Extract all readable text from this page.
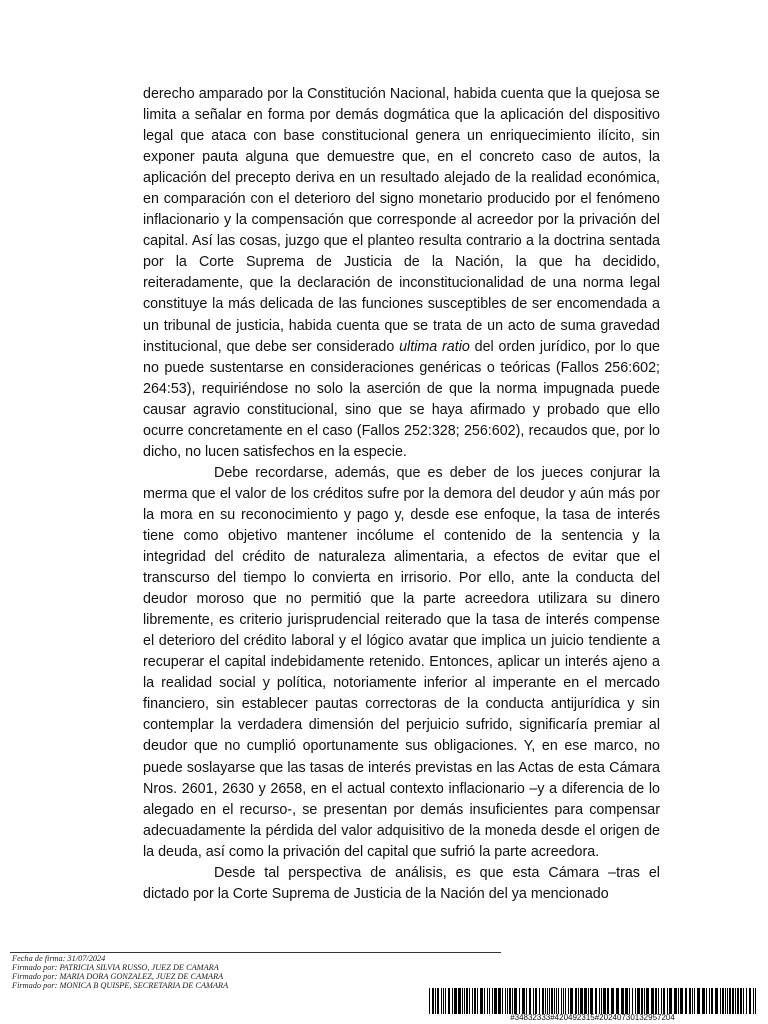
derecho amparado por la Constitución Nacional, habida cuenta que la quejosa se limita a señalar en forma por demás dogmática que la aplicación del dispositivo legal que ataca con base constitucional genera un enriquecimiento ilícito, sin exponer pauta alguna que demuestre que, en el concreto caso de autos, la aplicación del precepto deriva en un resultado alejado de la realidad económica, en comparación con el deterioro del signo monetario producido por el fenómeno inflacionario y la compensación que corresponde al acreedor por la privación del capital. Así las cosas, juzgo que el planteo resulta contrario a la doctrina sentada por la Corte Suprema de Justicia de la Nación, la que ha decidido, reiteradamente, que la declaración de inconstitucionalidad de una norma legal constituye la más delicada de las funciones susceptibles de ser encomendada a un tribunal de justicia, habida cuenta que se trata de un acto de suma gravedad institucional, que debe ser considerado ultima ratio del orden jurídico, por lo que no puede sustentarse en consideraciones genéricas o teóricas (Fallos 256:602; 264:53), requiriéndose no solo la aserción de que la norma impugnada puede causar agravio constitucional, sino que se haya afirmado y probado que ello ocurre concretamente en el caso (Fallos 252:328; 256:602), recaudos que, por lo dicho, no lucen satisfechos en la especie.

Debe recordarse, además, que es deber de los jueces conjurar la merma que el valor de los créditos sufre por la demora del deudor y aún más por la mora en su reconocimiento y pago y, desde ese enfoque, la tasa de interés tiene como objetivo mantener incólume el contenido de la sentencia y la integridad del crédito de naturaleza alimentaria, a efectos de evitar que el transcurso del tiempo lo convierta en irrisorio. Por ello, ante la conducta del deudor moroso que no permitió que la parte acreedora utilizara su dinero libremente, es criterio jurisprudencial reiterado que la tasa de interés compense el deterioro del crédito laboral y el lógico avatar que implica un juicio tendiente a recuperar el capital indebidamente retenido. Entonces, aplicar un interés ajeno a la realidad social y política, notoriamente inferior al imperante en el mercado financiero, sin establecer pautas correctoras de la conducta antijurídica y sin contemplar la verdadera dimensión del perjuicio sufrido, significaría premiar al deudor que no cumplió oportunamente sus obligaciones. Y, en ese marco, no puede soslayarse que las tasas de interés previstas en las Actas de esta Cámara Nros. 2601, 2630 y 2658, en el actual contexto inflacionario –y a diferencia de lo alegado en el recurso-, se presentan por demás insuficientes para compensar adecuadamente la pérdida del valor adquisitivo de la moneda desde el origen de la deuda, así como la privación del capital que sufrió la parte acreedora.

Desde tal perspectiva de análisis, es que esta Cámara –tras el dictado por la Corte Suprema de Justicia de la Nación del ya mencionado

Fecha de firma: 31/07/2024
Firmado por: PATRICIA SILVIA RUSSO, JUEZ DE CAMARA
Firmado por: MARIA DORA GONZALEZ, JUEZ DE CAMARA
Firmado por: MONICA B QUISPE, SECRETARIA DE CAMARA
#34832333#420492315#20240730132957204
